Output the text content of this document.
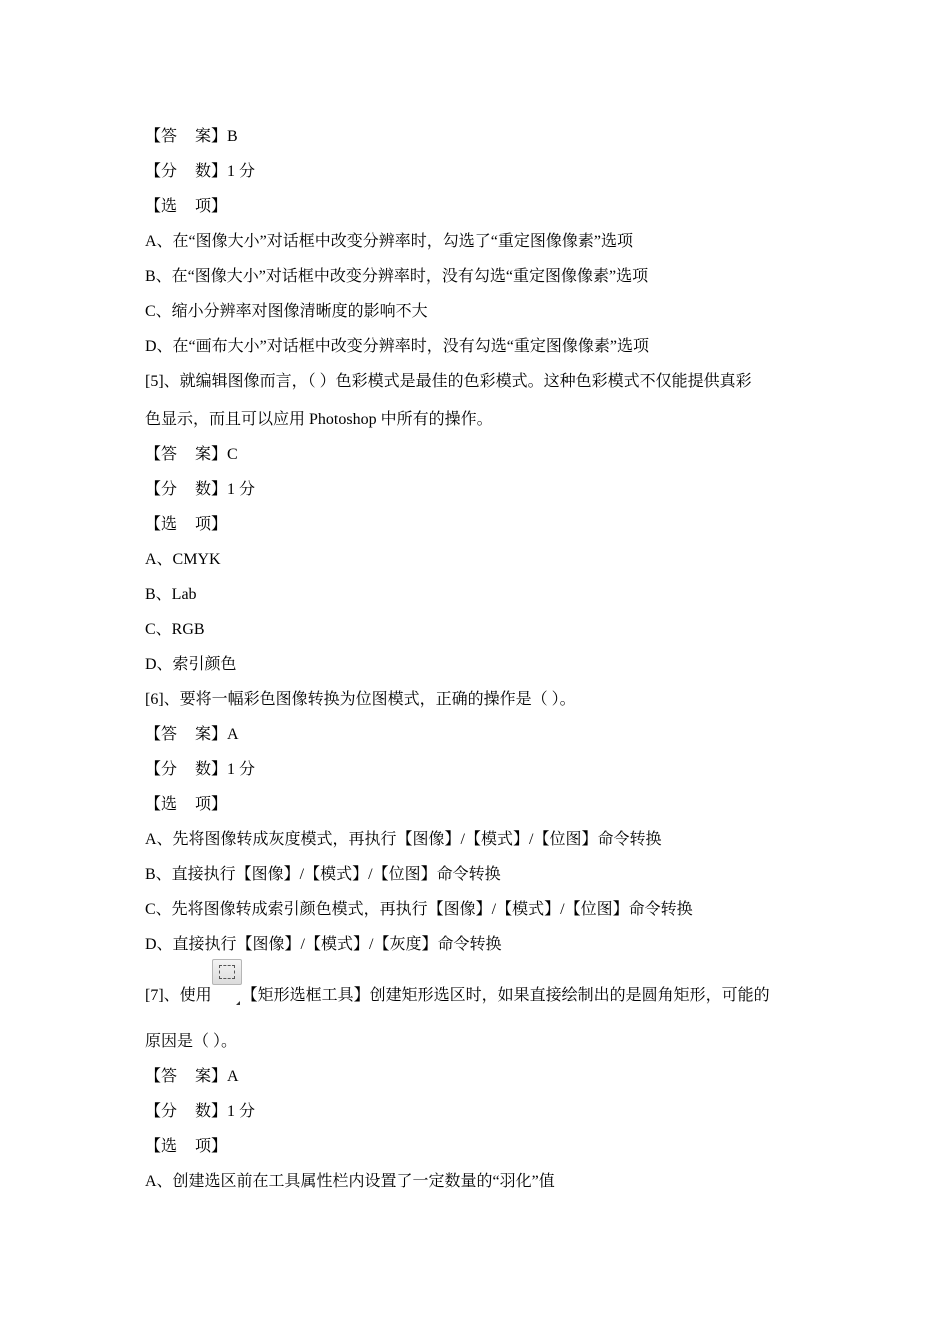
【答 案】B
【分 数】1 分
【选 项】
A、在“图像大小”对话框中改变分辨率时，勾选了“重定图像像素”选项
B、在“图像大小”对话框中改变分辨率时，没有勾选“重定图像像素”选项
C、缩小分辨率对图像清晰度的影响不大
D、在“画布大小”对话框中改变分辨率时，没有勾选“重定图像像素”选项
[5]、就编辑图像而言，（ ）色彩模式是最佳的色彩模式。这种色彩模式不仅能提供真彩
色显示，而且可以应用 Photoshop 中所有的操作。
【答 案】C
【分 数】1 分
【选 项】
A、CMYK
B、Lab
C、RGB
D、索引颜色
[6]、要将一幅彩色图像转换为位图模式，正确的操作是（ ）。
【答 案】A
【分 数】1 分
【选 项】
A、先将图像转成灰度模式，再执行【图像】/【模式】/【位图】命令转换
B、直接执行【图像】/【模式】/【位图】命令转换
C、先将图像转成索引颜色模式，再执行【图像】/【模式】/【位图】命令转换
D、直接执行【图像】/【模式】/【灰度】命令转换
[7]、使用 【矩形选框工具】创建矩形选区时，如果直接绘制出的是圆角矩形，可能的
原因是（ ）。
【答 案】A
【分 数】1 分
【选 项】
A、创建选区前在工具属性栏内设置了一定数量的“羽化”值
